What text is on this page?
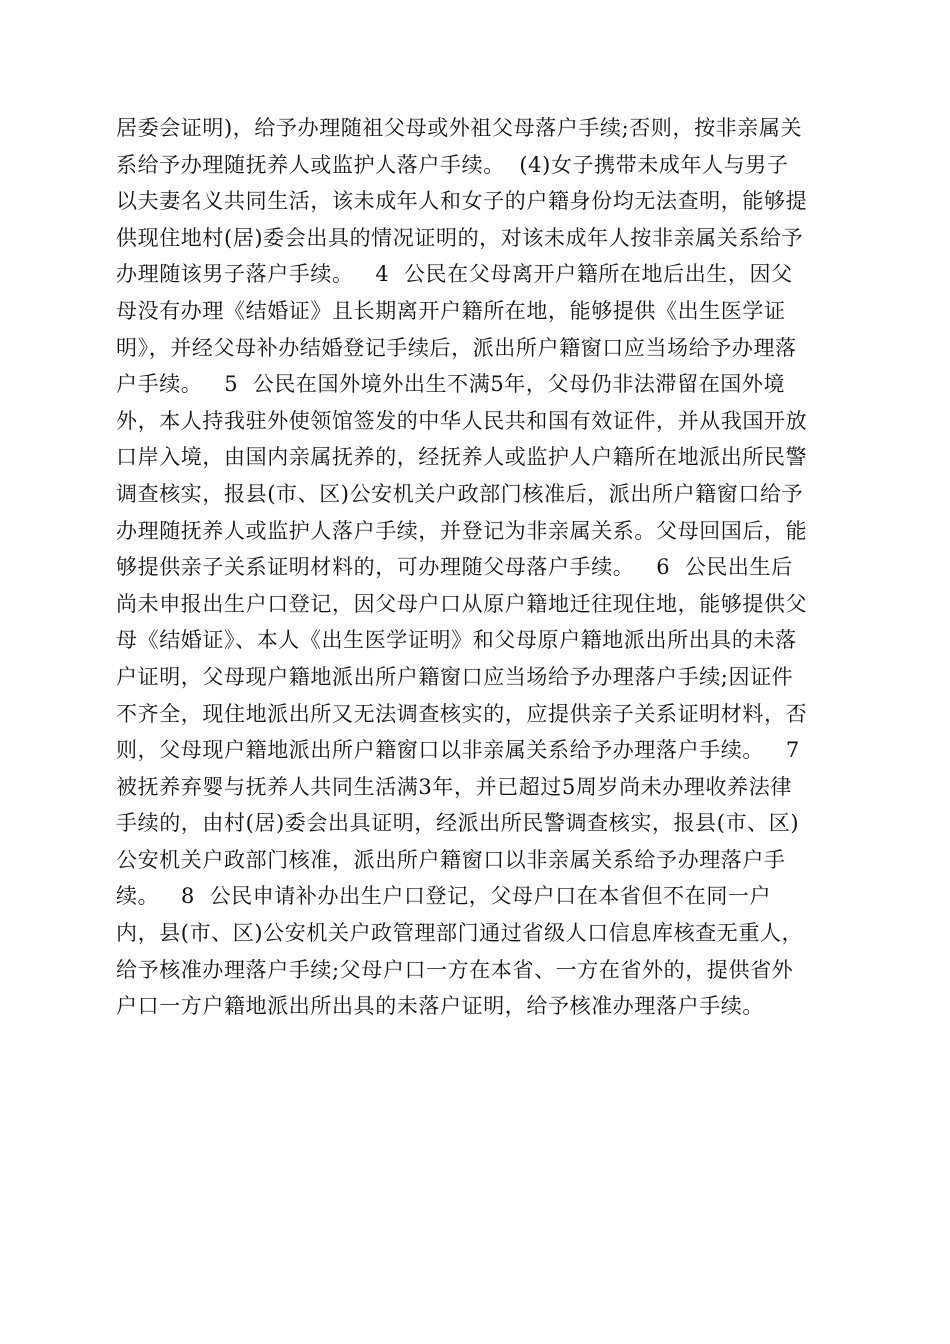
居委会证明)，给予办理随祖父母或外祖父母落户手续;否则，按非亲属关
系给予办理随抚养人或监护人落户手续。  (4)女子携带未成年人与男子
以夫妻名义共同生活，该未成年人和女子的户籍身份均无法查明，能够提
供现住地村(居)委会出具的情况证明的，对该未成年人按非亲属关系给予
办理随该男子落户手续。   4  公民在父母离开户籍所在地后出生，因父
母没有办理《结婚证》且长期离开户籍所在地，能够提供《出生医学证
明》，并经父母补办结婚登记手续后，派出所户籍窗口应当场给予办理落
户手续。   5  公民在国外境外出生不满5年，父母仍非法滞留在国外境
外，本人持我驻外使领馆签发的中华人民共和国有效证件，并从我国开放
口岸入境，由国内亲属抚养的，经抚养人或监护人户籍所在地派出所民警
调查核实，报县(市、区)公安机关户政部门核准后，派出所户籍窗口给予
办理随抚养人或监护人落户手续，并登记为非亲属关系。父母回国后，能
够提供亲子关系证明材料的，可办理随父母落户手续。   6  公民出生后
尚未申报出生户口登记，因父母户口从原户籍地迁往现住地，能够提供父
母《结婚证》、本人《出生医学证明》和父母原户籍地派出所出具的未落
户证明，父母现户籍地派出所户籍窗口应当场给予办理落户手续;因证件
不齐全，现住地派出所又无法调查核实的，应提供亲子关系证明材料，否
则，父母现户籍地派出所户籍窗口以非亲属关系给予办理落户手续。   7
被抚养弃婴与抚养人共同生活满3年，并已超过5周岁尚未办理收养法律
手续的，由村(居)委会出具证明，经派出所民警调查核实，报县(市、区)
公安机关户政部门核准，派出所户籍窗口以非亲属关系给予办理落户手
续。   8  公民申请补办出生户口登记，父母户口在本省但不在同一户
内，县(市、区)公安机关户政管理部门通过省级人口信息库核查无重人，
给予核准办理落户手续;父母户口一方在本省、一方在省外的，提供省外
户口一方户籍地派出所出具的未落户证明，给予核准办理落户手续。
